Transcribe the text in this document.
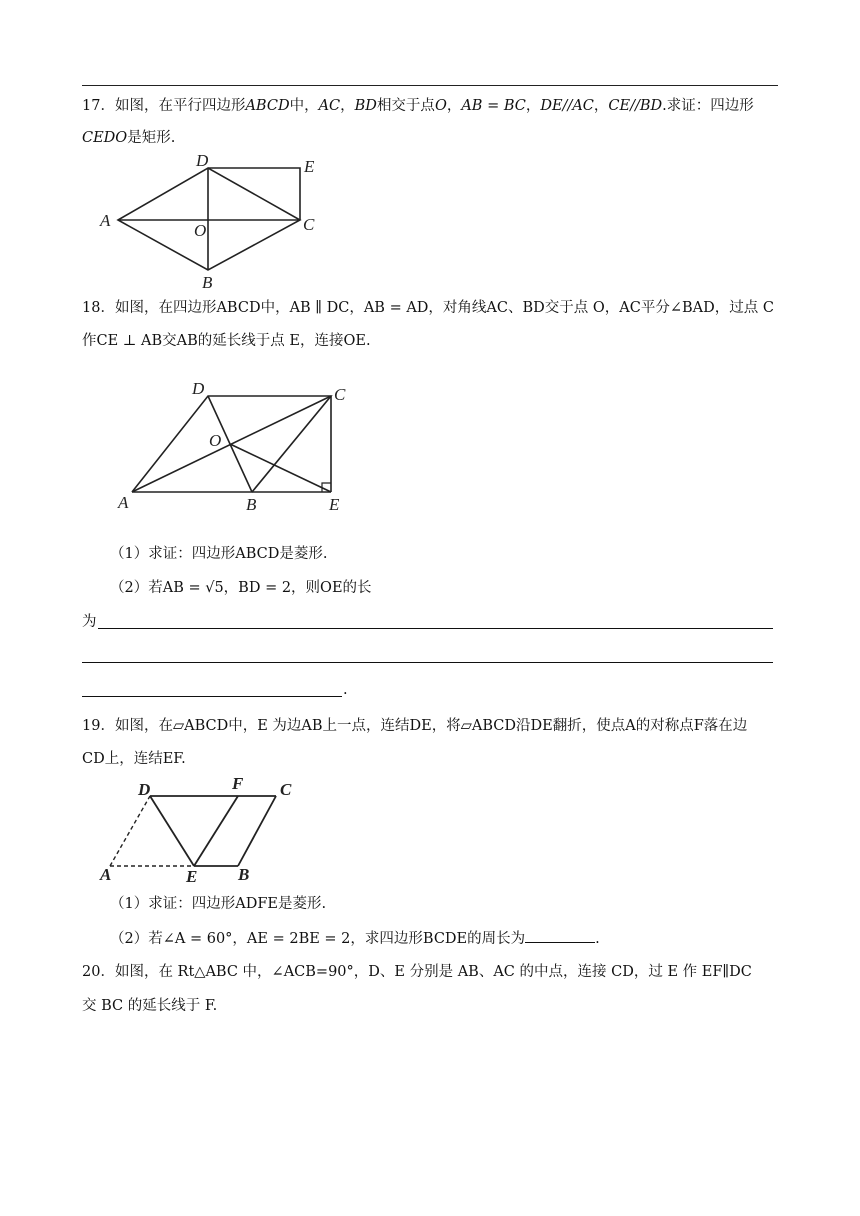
17．如图，在平行四边形ABCD中，AC，BD相交于点O，AB = BC，DE//AC，CE//BD.求证：四边形
CEDO是矩形.
D	E
A
O	C
B
18．如图，在四边形ABCD中，AB ∥ DC，AB = AD，对角线AC、BD交于点 O，AC平分∠BAD，过点 C
作CE ⊥ AB交AB的延长线于点 E，连接OE.
D	C
O
A	B	E
（1）求证：四边形ABCD是菱形.
（2）若AB = √5，BD = 2，则OE的长
为
.
19．如图，在▱ABCD中，E 为边AB上一点，连结DE，将▱ABCD沿DE翻折，使点A的对称点F落在边
CD上，连结EF.
D	F C
A	E B
（1）求证：四边形ADFE是菱形.
（2）若∠A = 60°，AE = 2BE = 2，求四边形BCDE的周长为	.
20．如图，在 Rt△ABC 中，∠ACB=90°，D、E 分别是 AB、AC 的中点，连接 CD，过 E 作 EF∥DC
交 BC 的延长线于 F.
